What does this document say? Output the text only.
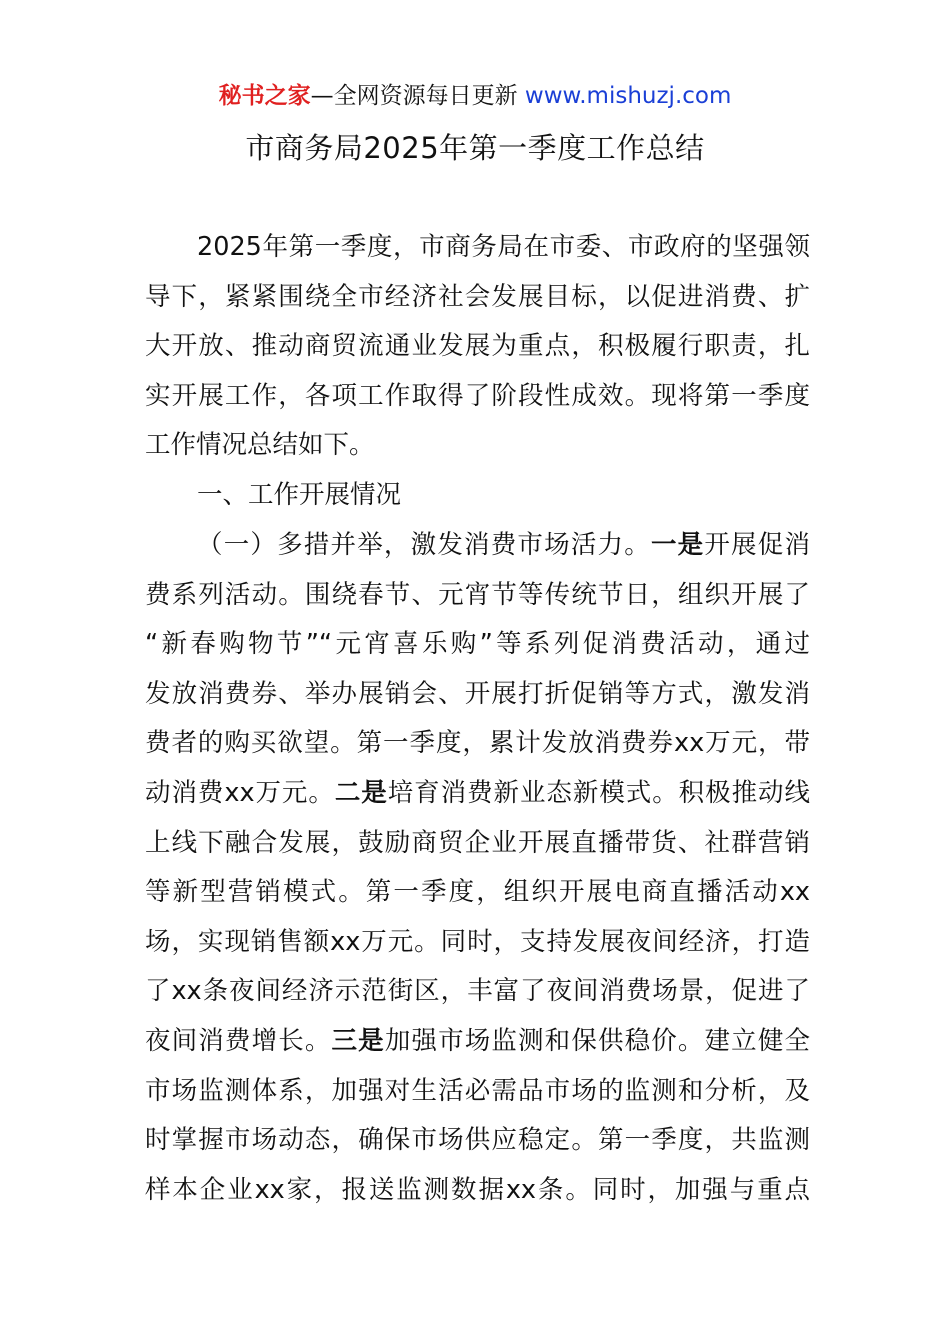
秘书之家—全网资源每日更新 www.mishuzj.com
市商务局2025年第一季度工作总结
2025年第一季度，市商务局在市委、市政府的坚强领
导下，紧紧围绕全市经济社会发展目标，以促进消费、扩
大开放、推动商贸流通业发展为重点，积极履行职责，扎
实开展工作，各项工作取得了阶段性成效。现将第一季度
工作情况总结如下。
一、工作开展情况
（一）多措并举，激发消费市场活力。一是开展促消
费系列活动。围绕春节、元宵节等传统节日，组织开展了
“新春购物节”“元宵喜乐购”等系列促消费活动，通过
发放消费券、举办展销会、开展打折促销等方式，激发消
费者的购买欲望。第一季度，累计发放消费券xx万元，带
动消费xx万元。二是培育消费新业态新模式。积极推动线
上线下融合发展，鼓励商贸企业开展直播带货、社群营销
等新型营销模式。第一季度，组织开展电商直播活动xx
场，实现销售额xx万元。同时，支持发展夜间经济，打造
了xx条夜间经济示范街区，丰富了夜间消费场景，促进了
夜间消费增长。三是加强市场监测和保供稳价。建立健全
市场监测体系，加强对生活必需品市场的监测和分析，及
时掌握市场动态，确保市场供应稳定。第一季度，共监测
样本企业xx家，报送监测数据xx条。同时，加强与重点
